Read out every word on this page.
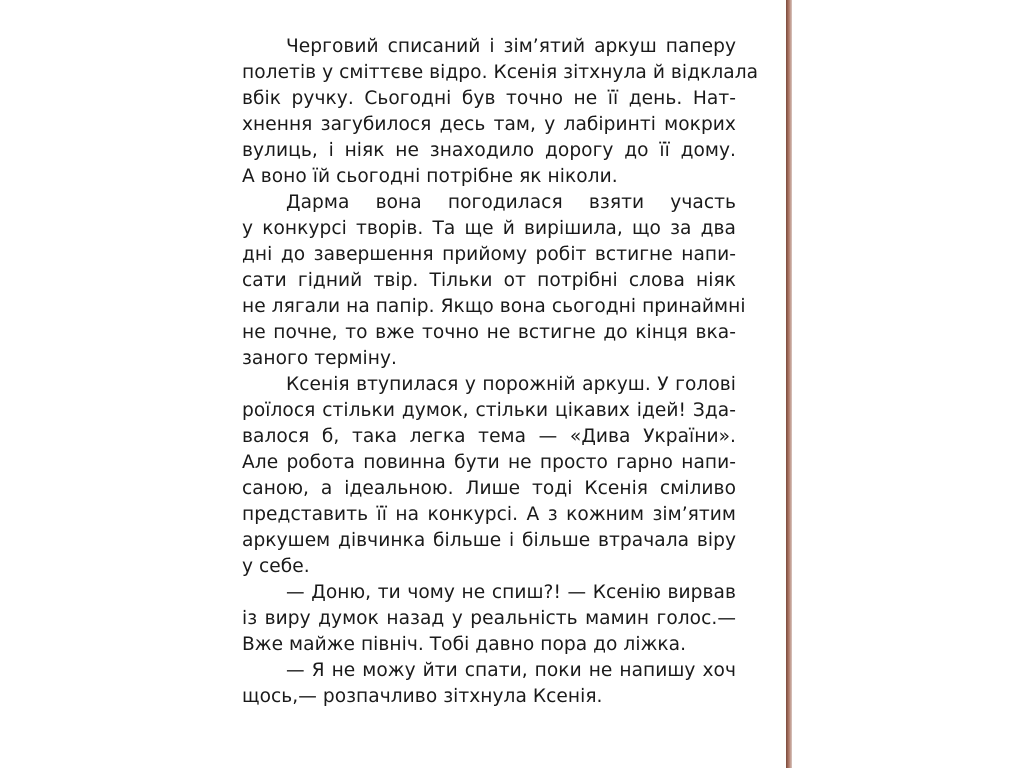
Черговий списаний і зім’ятий аркуш паперу
полетів у сміттєве відро. Ксенія зітхнула й відклала
вбік ручку. Сьогодні був точно не її день. Нат-
хнення загубилося десь там, у лабіринті мокрих
вулиць, і ніяк не знаходило дорогу до її дому.
А воно їй сьогодні потрібне як ніколи.
Дарма вона погодилася взяти участь
у конкурсі творів. Та ще й вирішила, що за два
дні до завершення прийому робіт встигне напи-
сати гідний твір. Тільки от потрібні слова ніяк
не лягали на папір. Якщо вона сьогодні принаймні
не почне, то вже точно не встигне до кінця вка-
заного терміну.
Ксенія втупилася у порожній аркуш. У голові
роїлося стільки думок, стільки цікавих ідей! Зда-
валося б, така легка тема — «Дива України».
Але робота повинна бути не просто гарно напи-
саною, а ідеальною. Лише тоді Ксенія сміливо
представить її на конкурсі. А з кожним зім’ятим
аркушем дівчинка більше і більше втрачала віру
у себе.
— Доню, ти чому не спиш?! — Ксенію вирвав
із виру думок назад у реальність мамин голос.—
Вже майже північ. Тобі давно пора до ліжка.
— Я не можу йти спати, поки не напишу хоч
щось,— розпачливо зітхнула Ксенія.
